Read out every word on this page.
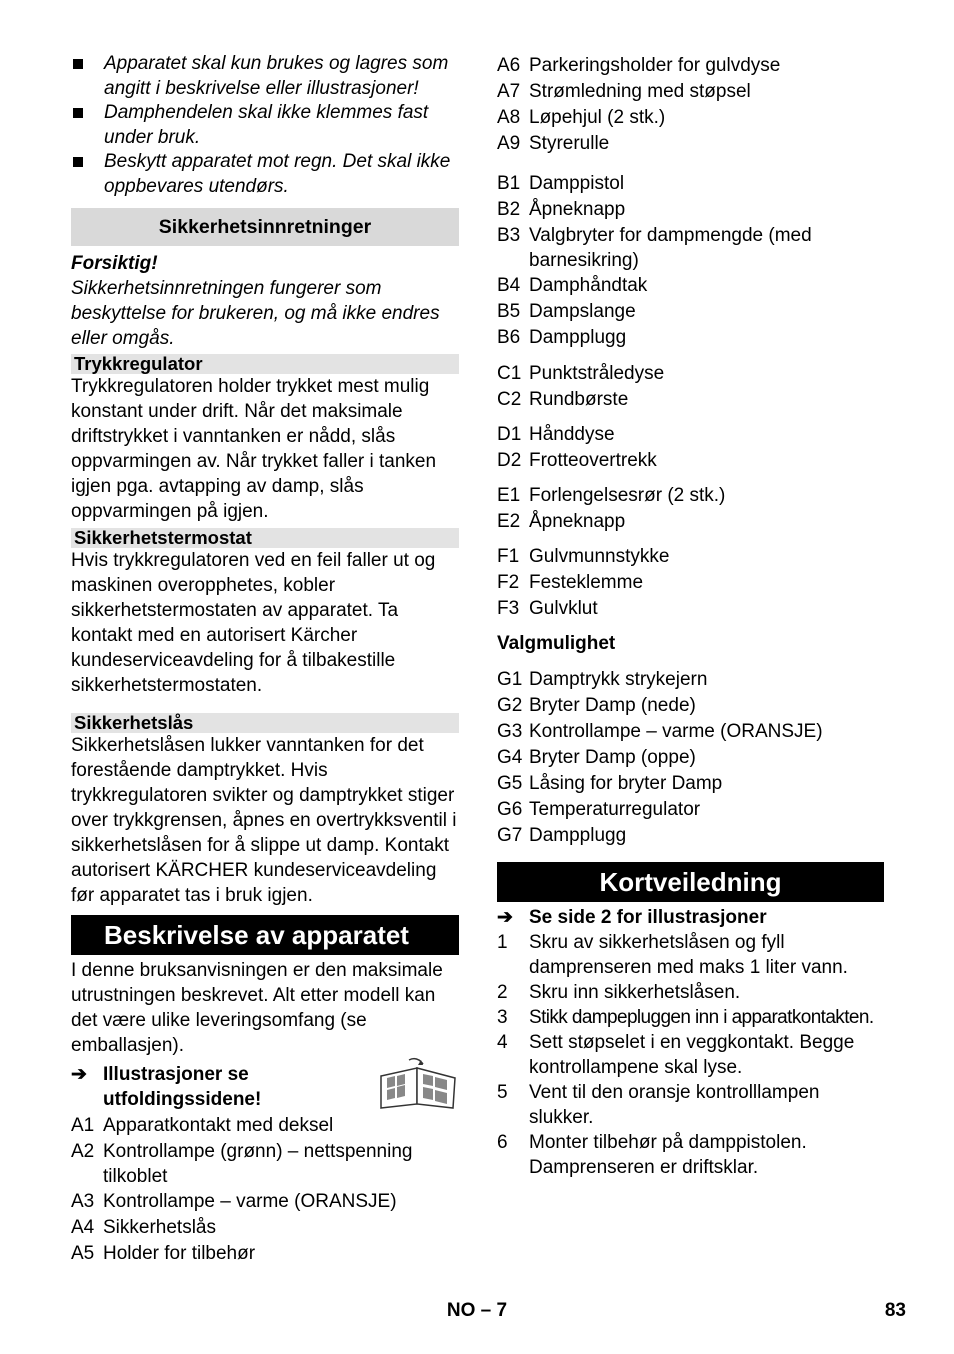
Apparatet skal kun brukes og lagres som angitt i beskrivelse eller illustrasjoner!
Damphendelen skal ikke klemmes fast under bruk.
Beskytt apparatet mot regn. Det skal ikke oppbevares utendørs.
Sikkerhetsinnretninger
Forsiktig!
Sikkerhetsinnretningen fungerer som beskyttelse for brukeren, og må ikke endres eller omgås.
Trykkregulator
Trykkregulatoren holder trykket mest mulig konstant under drift. Når det maksimale driftstrykket i vanntanken er nådd, slås oppvarmingen av. Når trykket faller i tanken igjen pga. avtapping av damp, slås oppvarmingen på igjen.
Sikkerhetstermostat
Hvis trykkregulatoren ved en feil faller ut og maskinen overopphetes, kobler sikkerhetstermostaten av apparatet. Ta kontakt med en autorisert Kärcher kundeserviceavdeling for å tilbakestille sikkerhetstermostaten.
Sikkerhetslås
Sikkerhetslåsen lukker vanntanken for det forestående damptrykket. Hvis trykkregulatoren svikter og damptrykket stiger over trykkgrensen, åpnes en overtrykksventil i sikkerhetslåsen for å slippe ut damp. Kontakt autorisert KÄRCHER kundeserviceavdeling før apparatet tas i bruk igjen.
Beskrivelse av apparatet
I denne bruksanvisningen er den maksimale utrustningen beskrevet. Alt etter modell kan det være ulike leveringsomfang (se emballasjen).
➔ Illustrasjoner se utfoldingssidene!
A1 Apparatkontakt med deksel
A2 Kontrollampe (grønn) – nettspenning tilkoblet
A3 Kontrollampe – varme (ORANSJE)
A4 Sikkerhetslås
A5 Holder for tilbehør
A6 Parkeringsholder for gulvdyse
A7 Strømledning med støpsel
A8 Løpehjul (2 stk.)
A9 Styrerulle
B1 Damppistol
B2 Åpneknapp
B3 Valgbryter for dampmengde (med barnesikring)
B4 Damphåndtak
B5 Dampslange
B6 Dampplugg
C1 Punktstråledyse
C2 Rundbørste
D1 Hånddyse
D2 Frotteovertrekk
E1 Forlengelsesrør (2 stk.)
E2 Åpneknapp
F1 Gulvmunnstykke
F2 Festeklemme
F3 Gulvklut
Valgmulighet
G1 Damptrykk strykejern
G2 Bryter Damp (nede)
G3 Kontrollampe – varme (ORANSJE)
G4 Bryter Damp (oppe)
G5 Låsing for bryter Damp
G6 Temperaturregulator
G7 Dampplugg
Kortveiledning
➔ Se side 2 for illustrasjoner
1	Skru av sikkerhetslåsen og fyll damprenseren med maks 1 liter vann.
2	Skru inn sikkerhetslåsen.
3	Stikk dampepluggen inn i apparatkontakten.
4	Sett støpselet i en veggkontakt. Begge kontrollampene skal lyse.
5	Vent til den oransje kontrolllampen slukker.
6	Monter tilbehør på damppistolen. Damprenseren er driftsklar.
NO – 7	83
